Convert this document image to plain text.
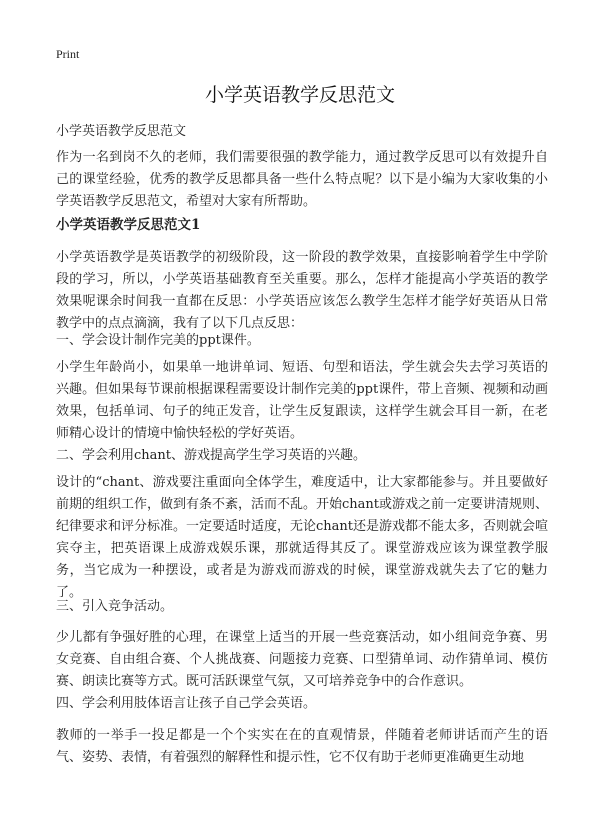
Print
小学英语教学反思范文

小学英语教学反思范文

作为一名到岗不久的老师，我们需要很强的教学能力，通过教学反思可以有效提升自己的课堂经验，优秀的教学反思都具备一些什么特点呢？以下是小编为大家收集的小学英语教学反思范文，希望对大家有所帮助。

小学英语教学反思范文1

小学英语教学是英语教学的初级阶段，这一阶段的教学效果，直接影响着学生中学阶段的学习，所以，小学英语基础教育至关重要。那么，怎样才能提高小学英语的教学效果呢课余时间我一直都在反思：小学英语应该怎么教学生怎样才能学好英语从日常教学中的点点滴滴，我有了以下几点反思：

一、学会设计制作完美的ppt课件。

小学生年龄尚小，如果单一地讲单词、短语、句型和语法，学生就会失去学习英语的兴趣。但如果每节课前根据课程需要设计制作完美的ppt课件，带上音频、视频和动画效果，包括单词、句子的纯正发音，让学生反复跟读，这样学生就会耳目一新，在老师精心设计的情境中愉快轻松的学好英语。

二、学会利用chant、游戏提高学生学习英语的兴趣。

设计的“chant、游戏要注重面向全体学生，难度适中，让大家都能参与。并且要做好前期的组织工作，做到有条不紊，活而不乱。开始chant或游戏之前一定要讲清规则、纪律要求和评分标准。一定要适时适度，无论chant还是游戏都不能太多，否则就会喧宾夺主，把英语课上成游戏娱乐课，那就适得其反了。课堂游戏应该为课堂教学服务，当它成为一种摆设，或者是为游戏而游戏的时候，课堂游戏就失去了它的魅力了。

三、引入竞争活动。

少儿都有争强好胜的心理，在课堂上适当的开展一些竞赛活动，如小组间竞争赛、男女竞赛、自由组合赛、个人挑战赛、问题接力竞赛、口型猜单词、动作猜单词、模仿赛、朗读比赛等方式。既可活跃课堂气氛，又可培养竞争中的合作意识。

四、学会利用肢体语言让孩子自己学会英语。

教师的一举手一投足都是一个个实实在在的直观情景，伴随着老师讲话而产生的语气、姿势、表情，有着强烈的解释性和提示性，它不仅有助于老师更准确更生动地
